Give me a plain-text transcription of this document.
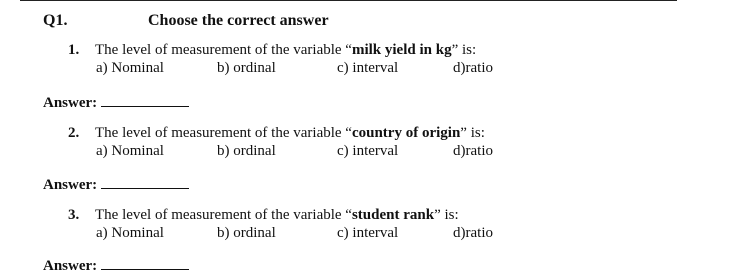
Q1.	Choose the correct answer
1. The level of measurement of the variable “milk yield in kg” is:
a) Nominal	b) ordinal	c) interval	d)ratio
Answer:
2. The level of measurement of the variable “country of origin” is:
a) Nominal	b) ordinal	c) interval	d)ratio
Answer:
3. The level of measurement of the variable “student rank” is:
a) Nominal	b) ordinal	c) interval	d)ratio
Answer:
